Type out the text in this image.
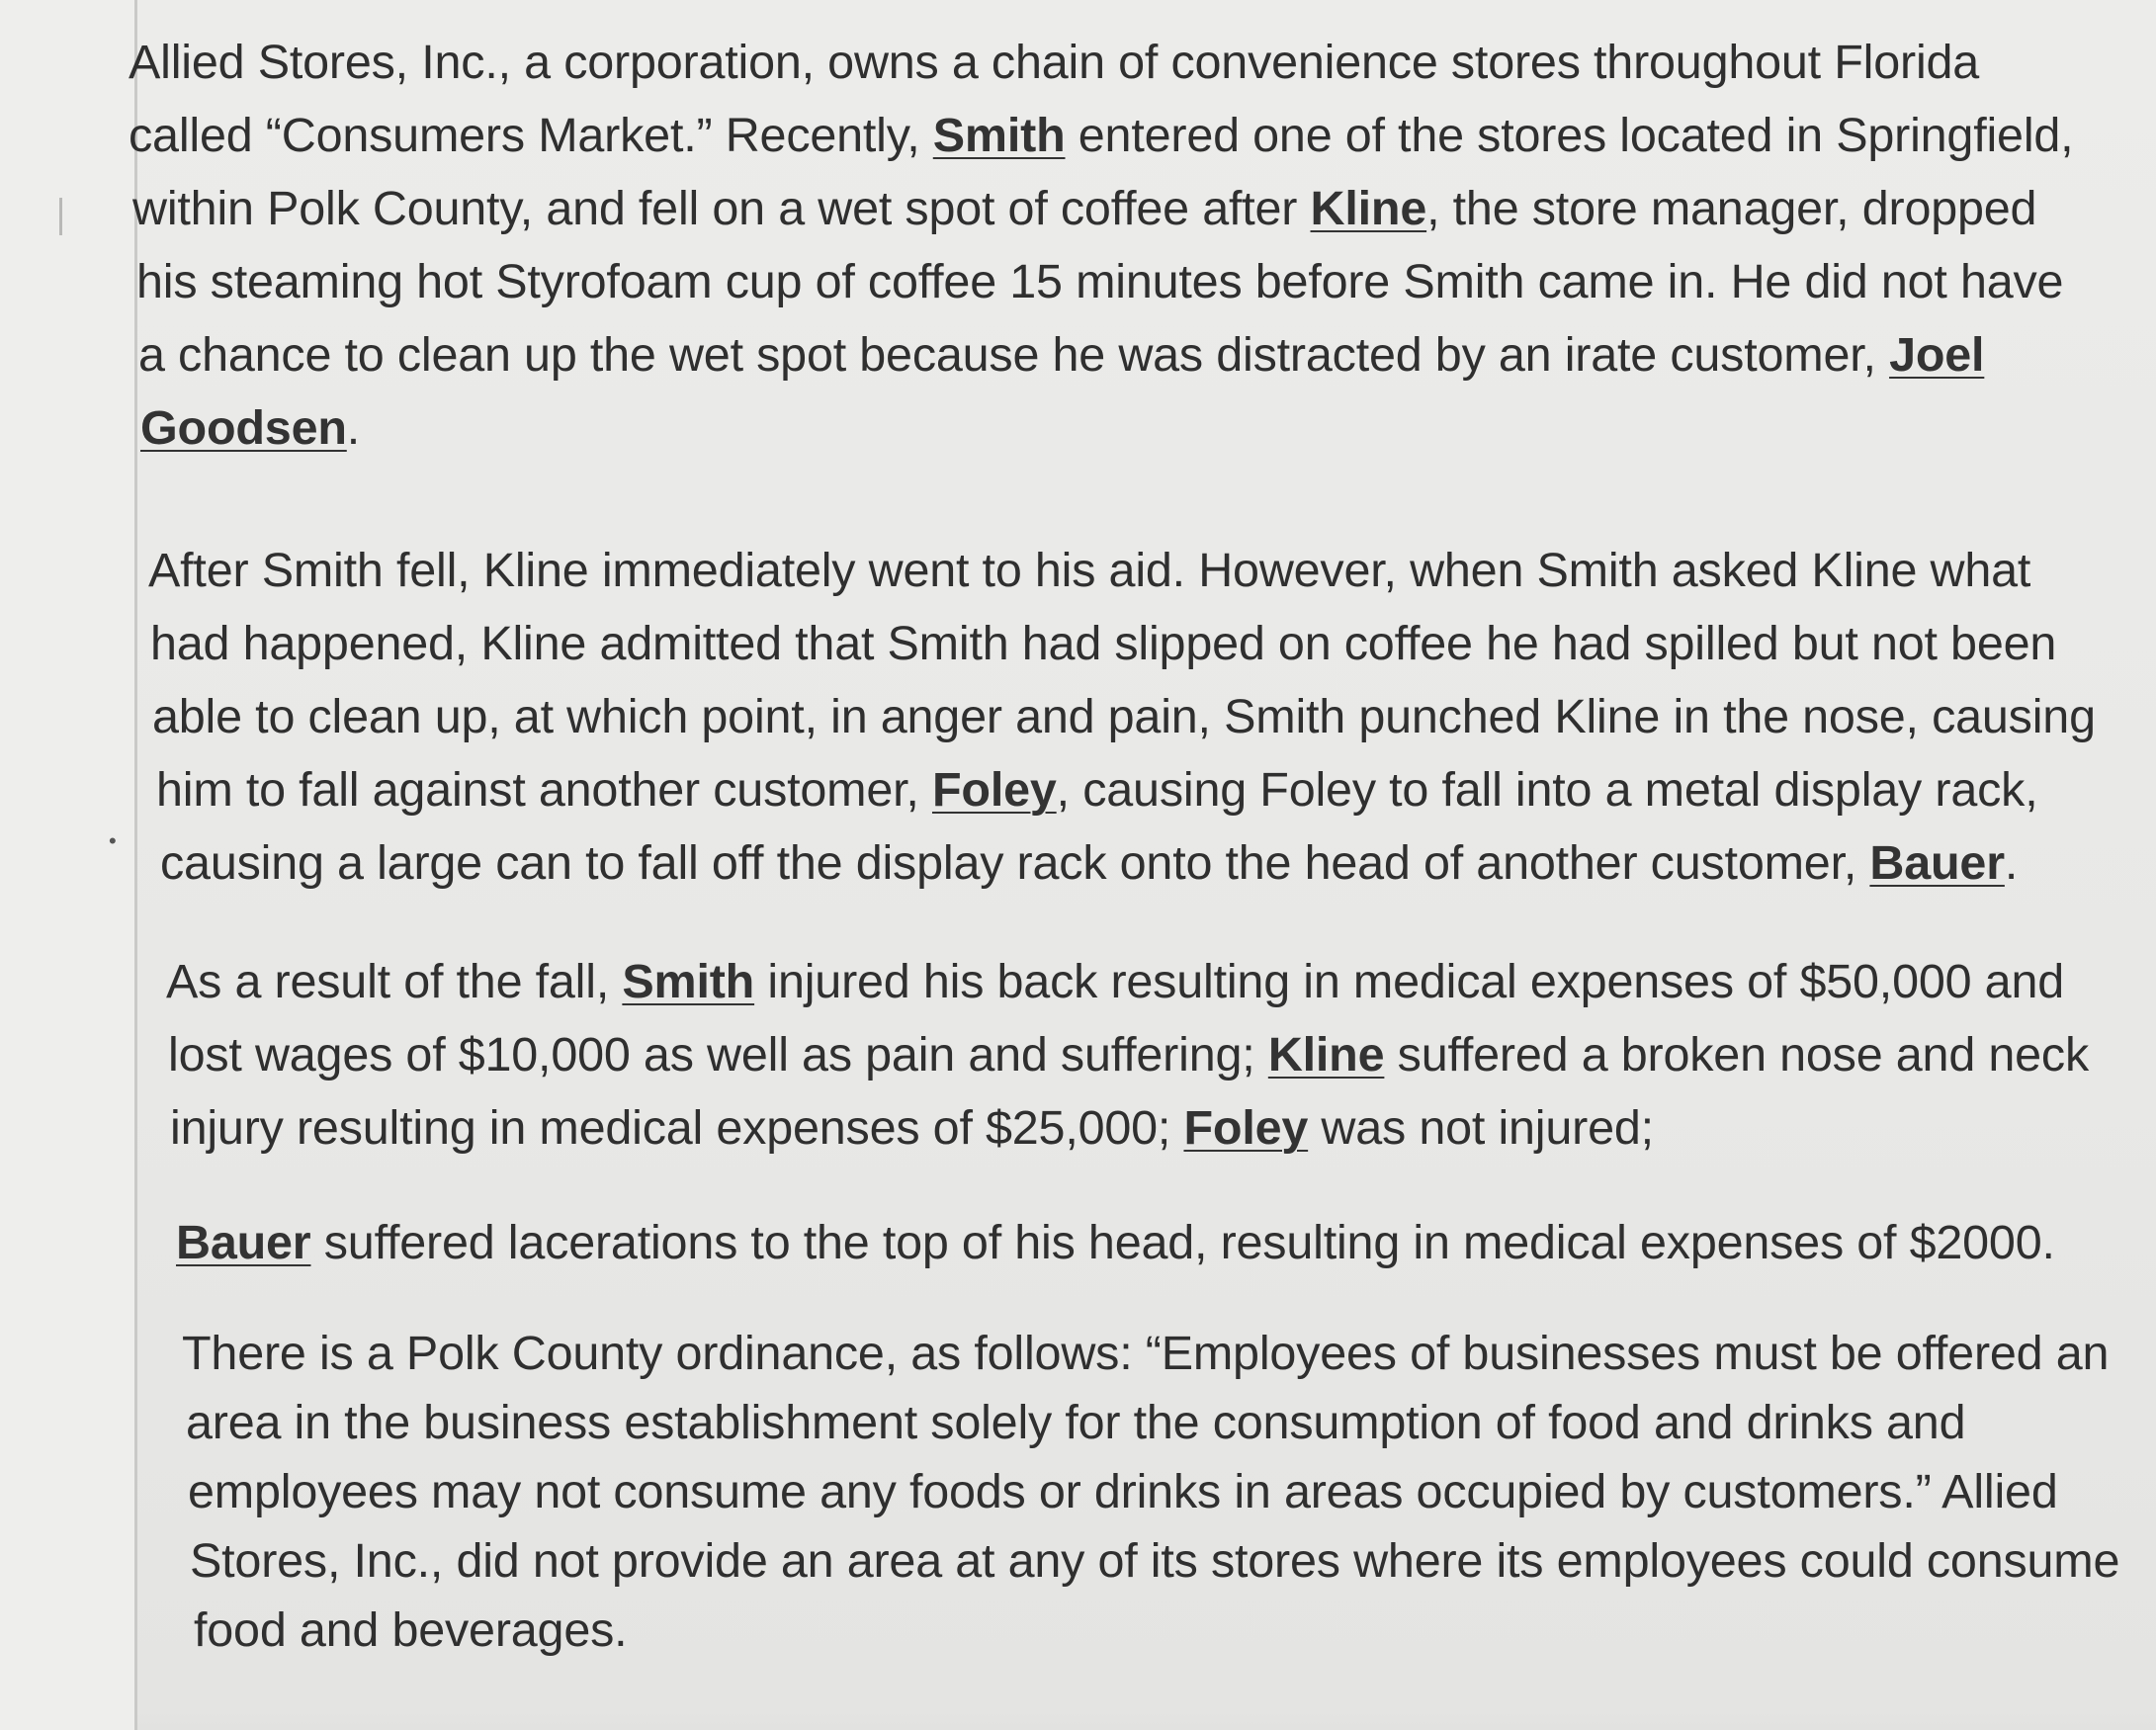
•
Allied Stores, Inc., a corporation, owns a chain of convenience stores throughout Florida
called “Consumers Market.” Recently, Smith entered one of the stores located in Springfield,
within Polk County, and fell on a wet spot of coffee after Kline, the store manager, dropped
his steaming hot Styrofoam cup of coffee 15 minutes before Smith came in. He did not have
a chance to clean up the wet spot because he was distracted by an irate customer, Joel
Goodsen.
After Smith fell, Kline immediately went to his aid. However, when Smith asked Kline what
had happened, Kline admitted that Smith had slipped on coffee he had spilled but not been
able to clean up, at which point, in anger and pain, Smith punched Kline in the nose, causing
him to fall against another customer, Foley, causing Foley to fall into a metal display rack,
causing a large can to fall off the display rack onto the head of another customer, Bauer.
As a result of the fall, Smith injured his back resulting in medical expenses of $50,000 and
lost wages of $10,000 as well as pain and suffering; Kline suffered a broken nose and neck
injury resulting in medical expenses of $25,000; Foley was not injured;
Bauer suffered lacerations to the top of his head, resulting in medical expenses of $2000.
There is a Polk County ordinance, as follows: “Employees of businesses must be offered an
area in the business establishment solely for the consumption of food and drinks and
employees may not consume any foods or drinks in areas occupied by customers.” Allied
Stores, Inc., did not provide an area at any of its stores where its employees could consume
food and beverages.
